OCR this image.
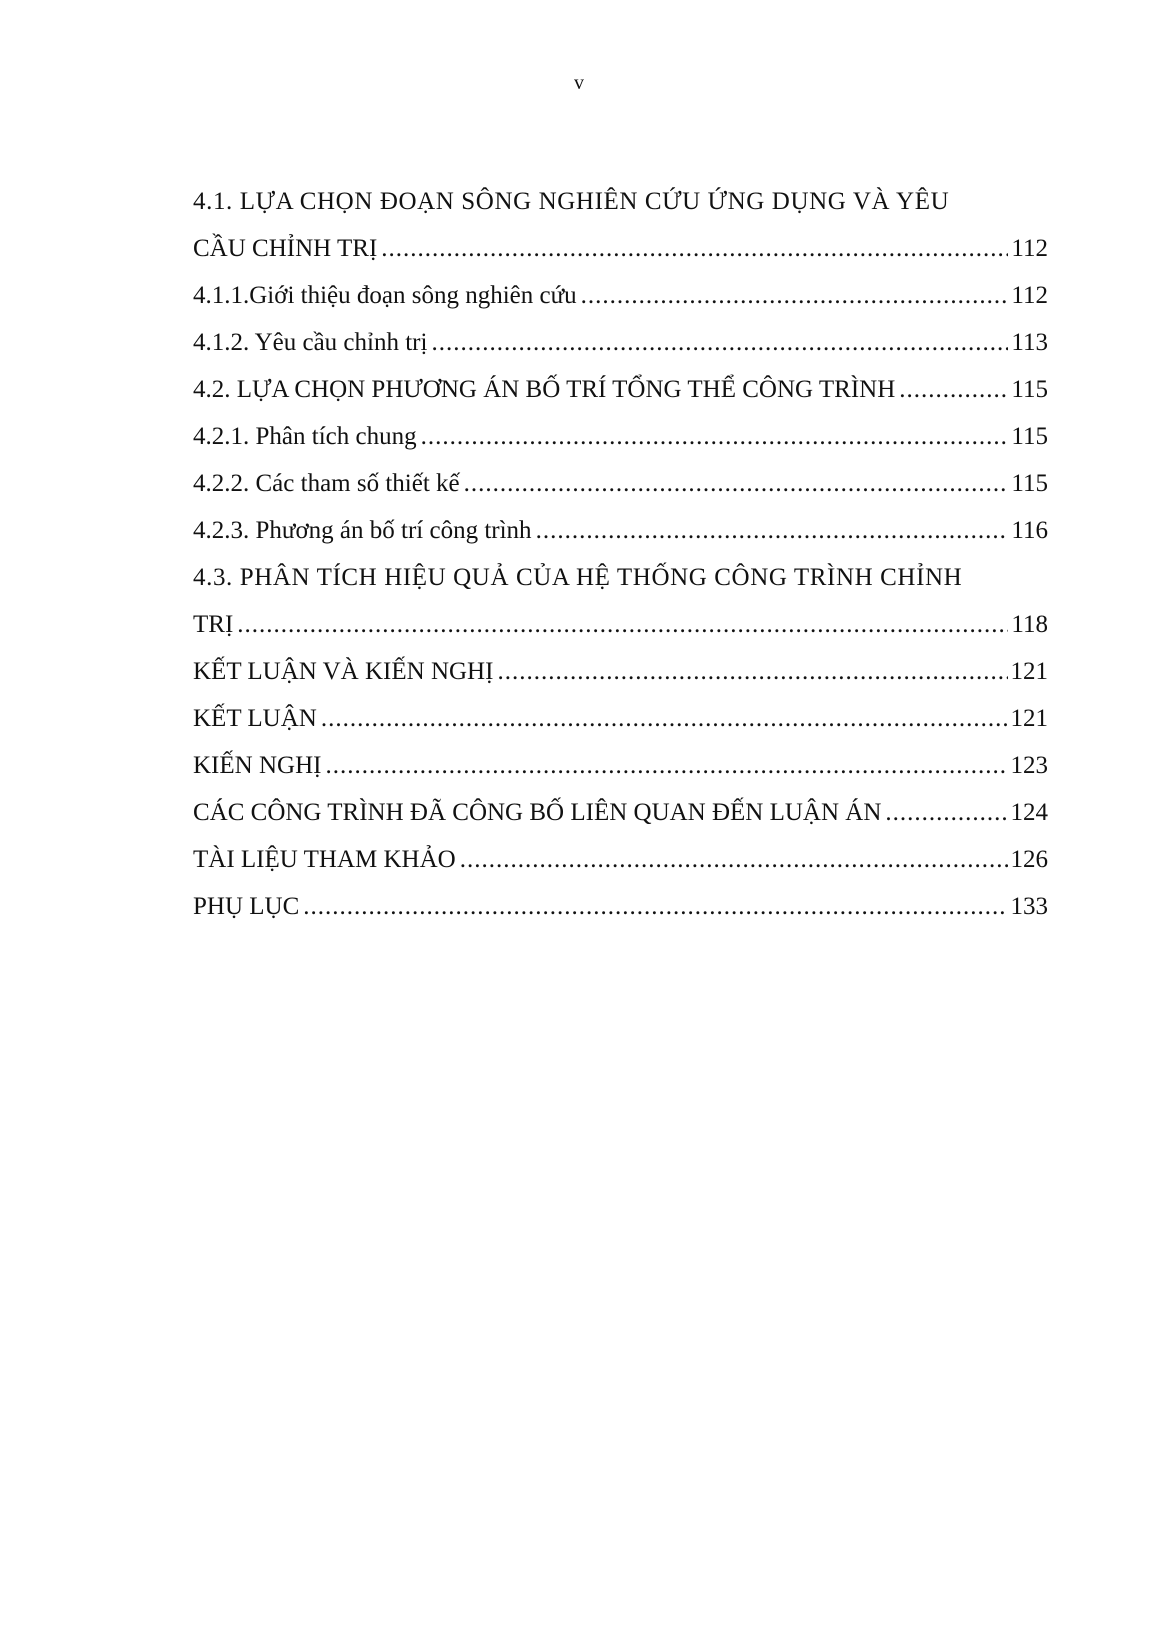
v
4.1. LỰA CHỌN ĐOẠN SÔNG NGHIÊN CỨU ỨNG DỤNG VÀ YÊU
CẦU CHỈNH TRỊ .....	112
4.1.1.Giới thiệu đoạn sông nghiên cứu .....	112
4.1.2. Yêu cầu chỉnh trị .....	113
4.2. LỰA CHỌN PHƯƠNG ÁN BỐ TRÍ TỔNG THỂ CÔNG TRÌNH .....	115
4.2.1. Phân tích chung .....	115
4.2.2. Các tham số thiết kế .....	115
4.2.3. Phương án bố trí công trình .....	116
4.3. PHÂN TÍCH HIỆU QUẢ CỦA HỆ THỐNG CÔNG TRÌNH CHỈNH
TRỊ .....	118
KẾT LUẬN VÀ KIẾN NGHỊ .....	121
KẾT LUẬN .....	121
KIẾN NGHỊ .....	123
CÁC CÔNG TRÌNH ĐÃ CÔNG BỐ LIÊN QUAN ĐẾN LUẬN ÁN .....	124
TÀI LIỆU THAM KHẢO .....	126
PHỤ LỤC .....	133
